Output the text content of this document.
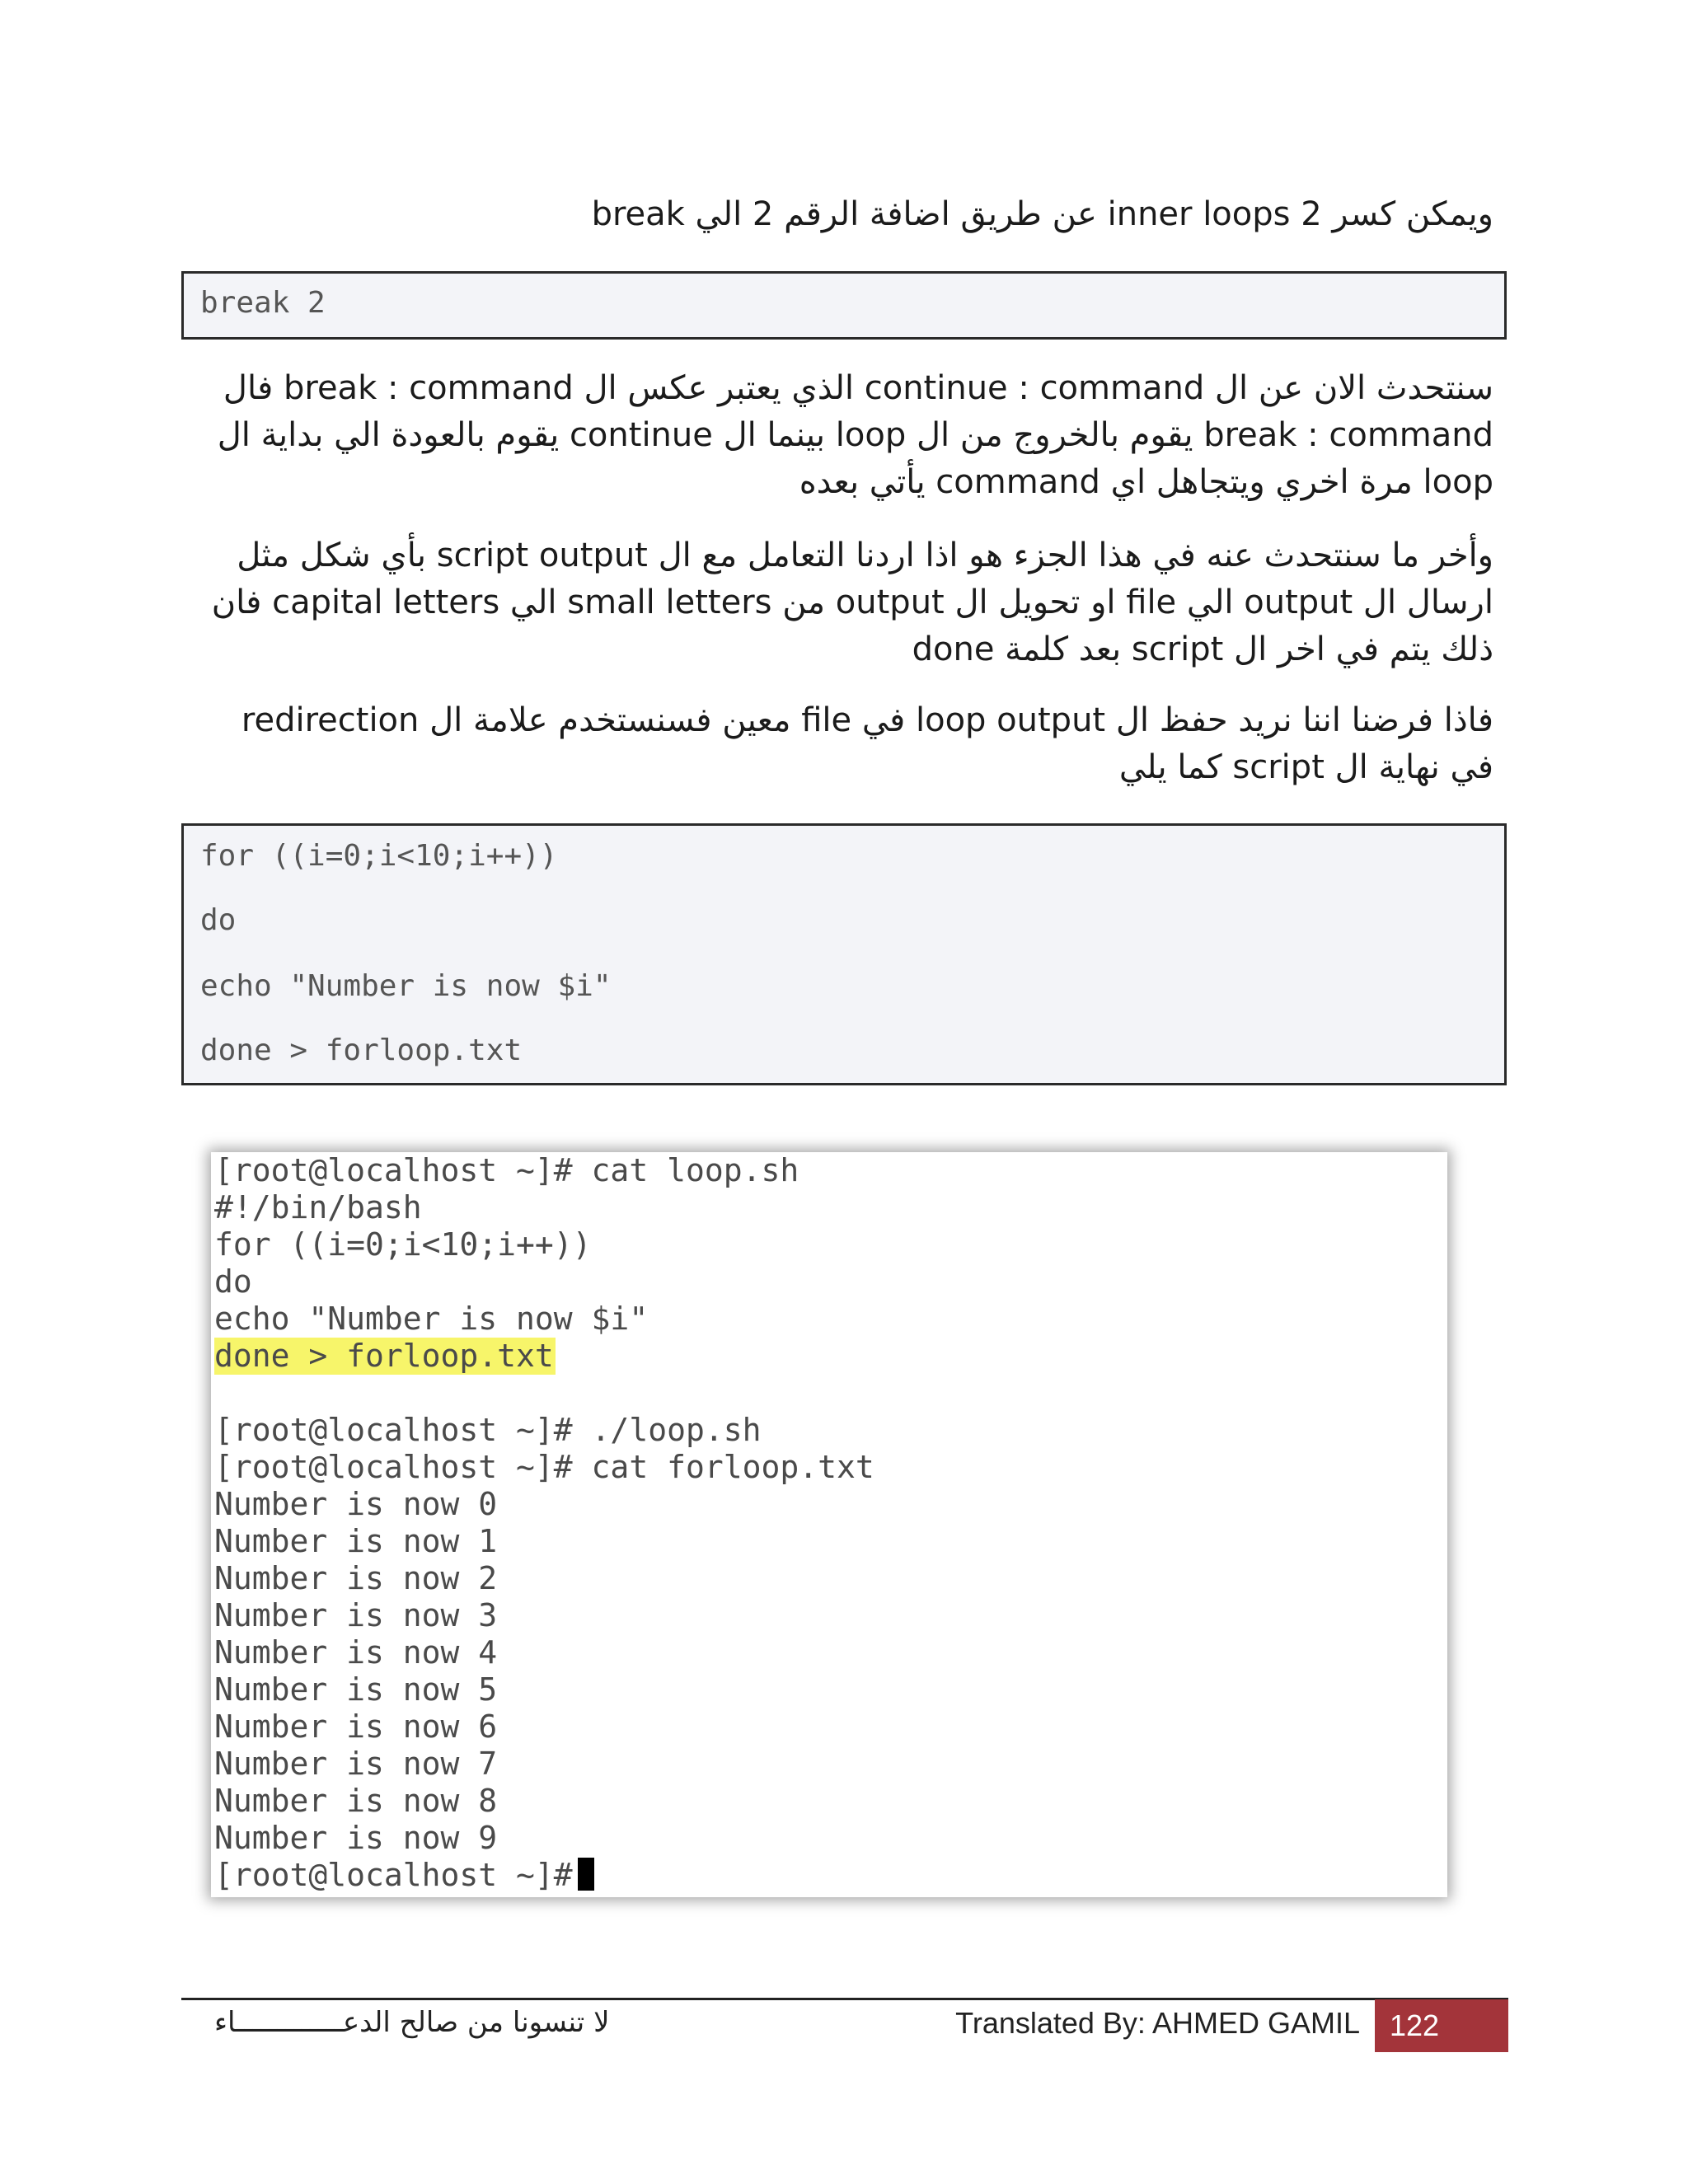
ويمكن كسر inner loops 2 عن طريق اضافة الرقم 2 الي break

break 2

سنتحدث الان عن ال continue : command الذي يعتبر عكس ال break : command فال
break : command يقوم بالخروج من ال loop بينما ال continue يقوم بالعودة الي بداية ال
loop مرة اخري ويتجاهل اي command يأتي بعده

وأخر ما سنتحدث عنه في هذا الجزء هو اذا اردنا التعامل مع ال script output بأي شكل مثل
ارسال ال output الي file او تحويل ال output من small letters الي capital letters فان
ذلك يتم في اخر ال script بعد كلمة done

فاذا فرضنا اننا نريد حفظ ال loop output في file معين فسنستخدم علامة ال redirection
في نهاية ال script كما يلي

for ((i=0;i<10;i++))
do
echo "Number is now $i"
done > forloop.txt
[root@localhost ~]# cat loop.sh
#!/bin/bash
for ((i=0;i<10;i++))
do
echo "Number is now $i"
done > forloop.txt
[root@localhost ~]# ./loop.sh
[root@localhost ~]# cat forloop.txt
Number is now 0
Number is now 1
Number is now 2
Number is now 3
Number is now 4
Number is now 5
Number is now 6
Number is now 7
Number is now 8
Number is now 9
[root@localhost ~]#
لا تنسونا من صالح الدعـــــــــــــاء	Translated By: AHMED GAMIL	122
